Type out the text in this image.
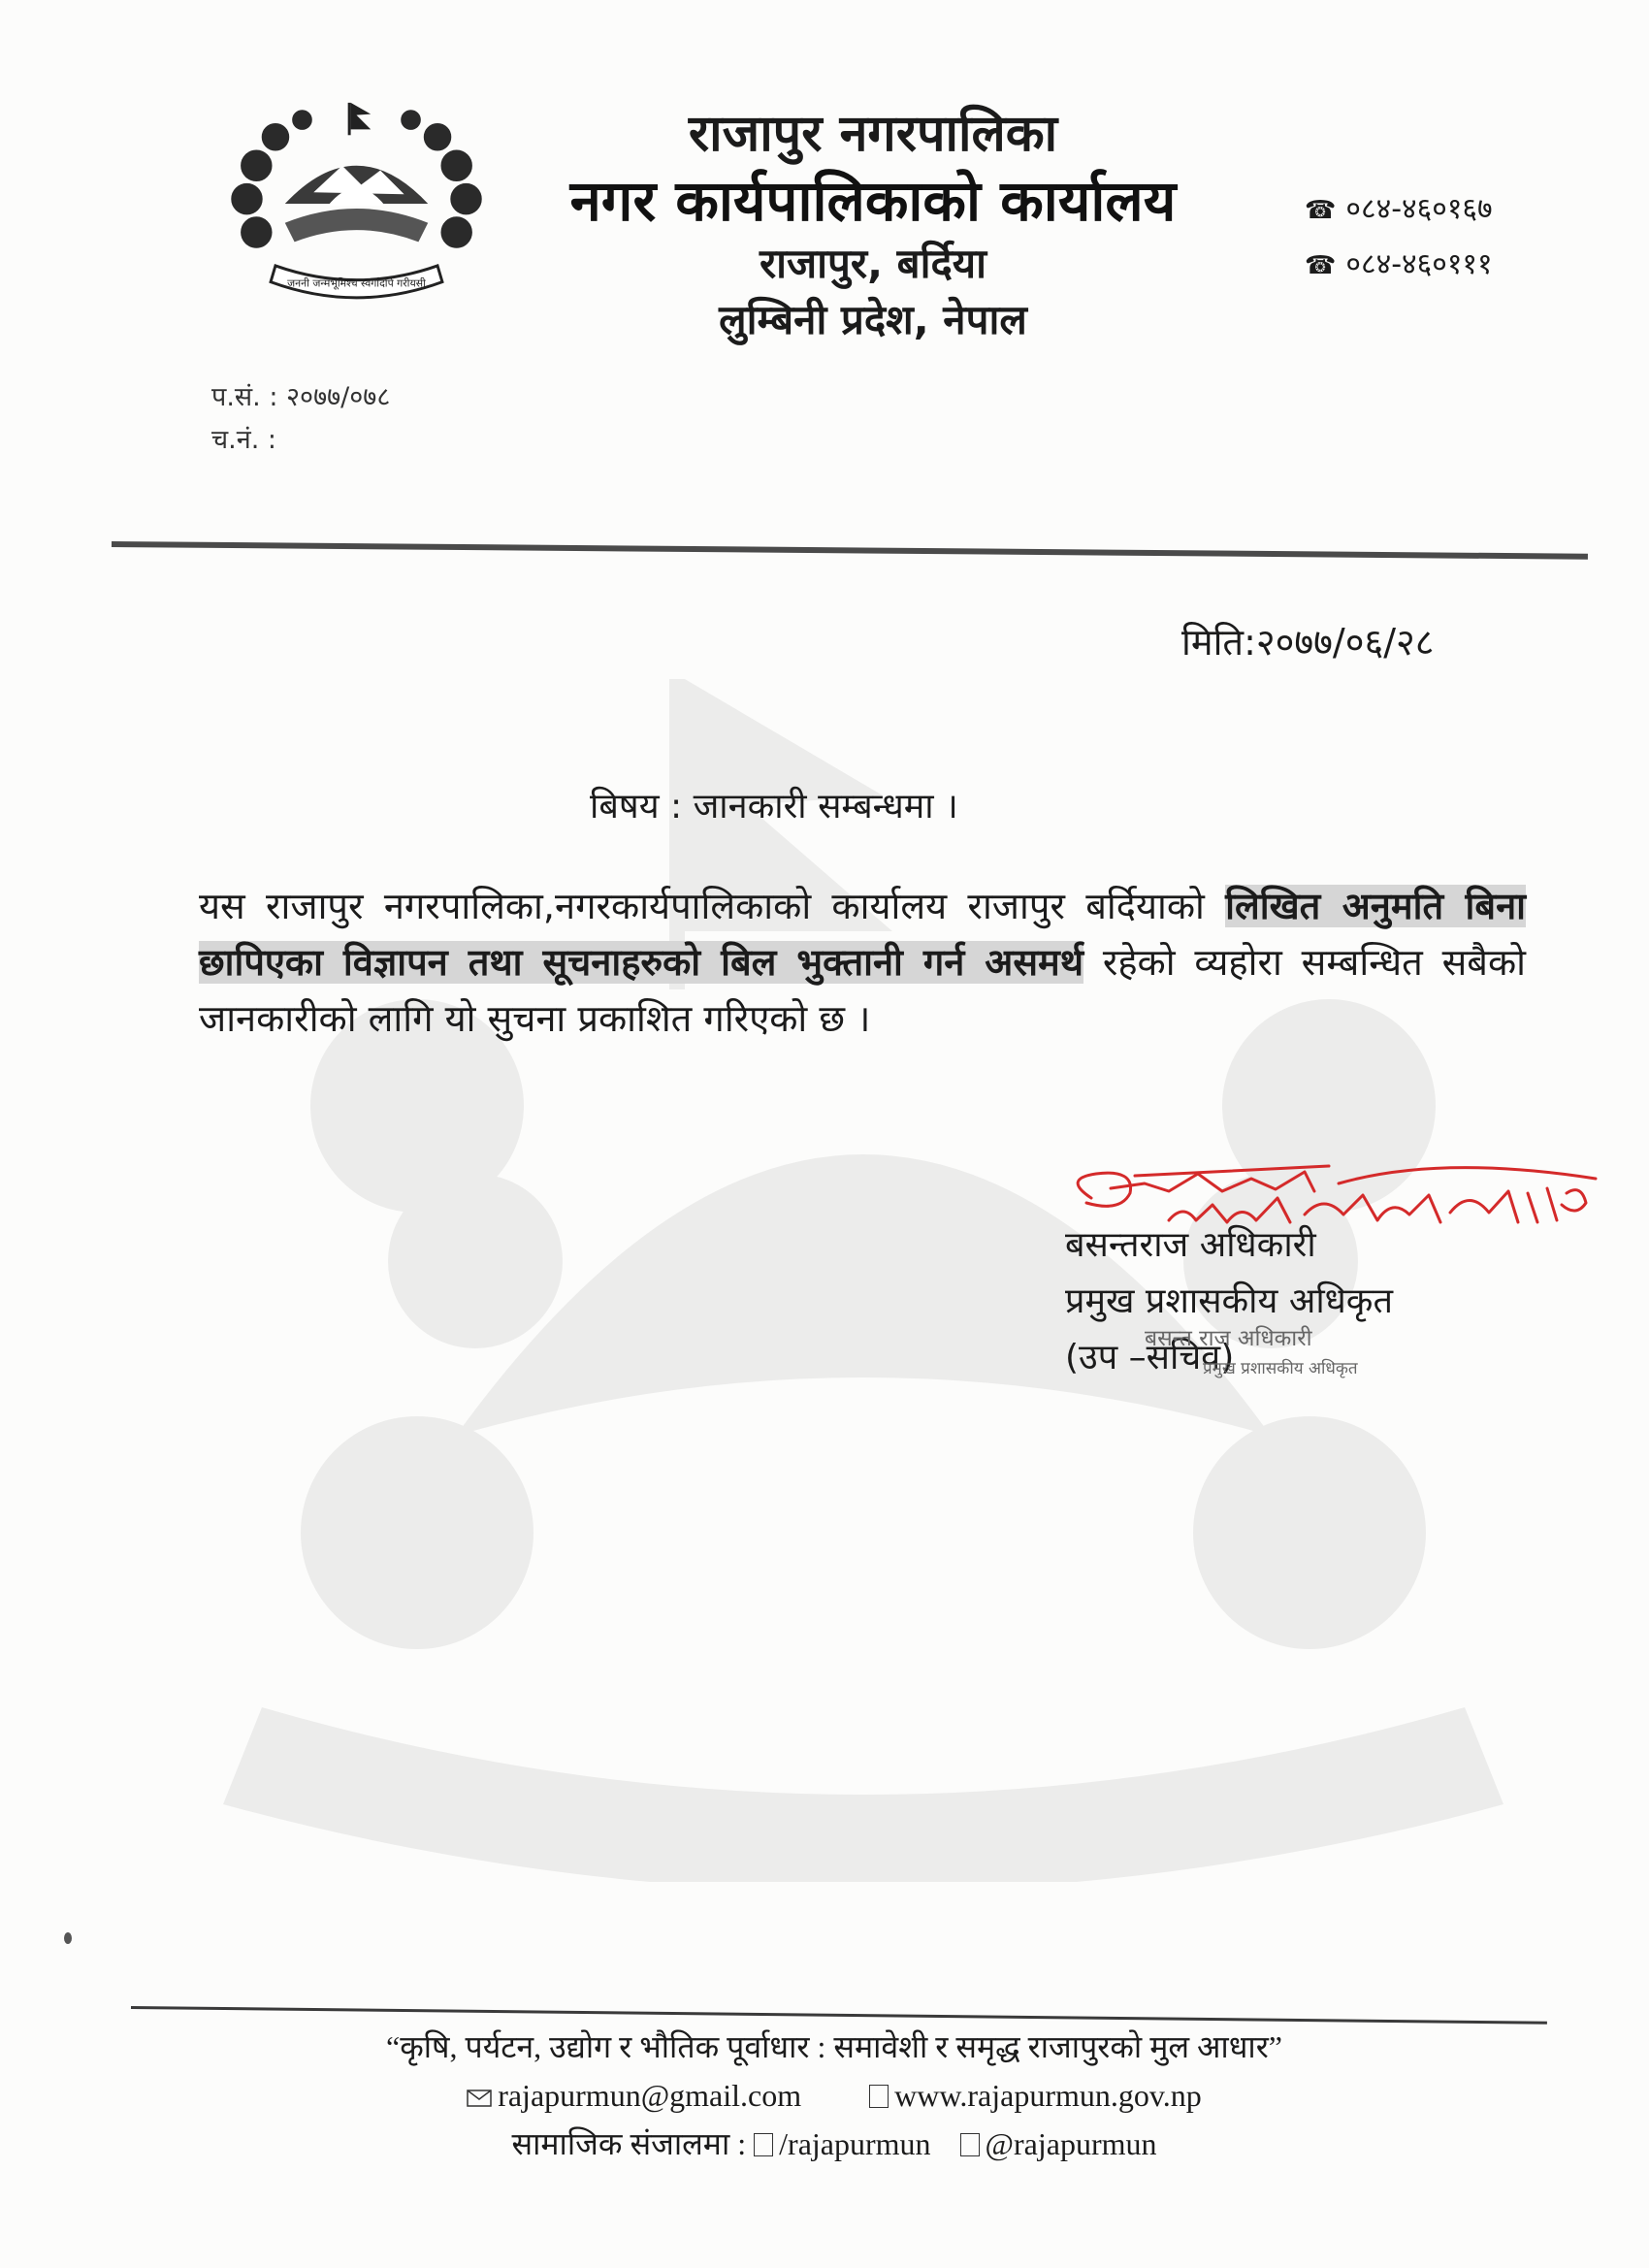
जननी जन्मभूमिश्च स्वर्गादपि गरीयसी
राजापुर नगरपालिका
नगर कार्यपालिकाको कार्यालय
राजापुर, बर्दिया
लुम्बिनी प्रदेश, नेपाल
☎ ०८४-४६०१६७
☎ ०८४-४६०१११
प.सं. : २०७७/०७८
च.नं. :
मिति:२०७७/०६/२८
बिषय : जानकारी सम्बन्धमा ।
यस राजापुर नगरपालिका,नगरकार्यपालिकाको कार्यालय राजापुर बर्दियाको लिखित अनुमति बिना छापिएका विज्ञापन तथा सूचनाहरुको बिल भुक्तानी गर्न असमर्थ रहेको व्यहोरा सम्बन्धित सबैको जानकारीको लागि यो सुचना प्रकाशित गरिएको छ ।
बसन्तराज अधिकारी
प्रमुख प्रशासकीय अधिकृत
(उप –सचिव)
बसन्त राज अधिकारी
प्रमुख प्रशासकीय अधिकृत
“कृषि, पर्यटन, उद्योग र भौतिक पूर्वाधार : समावेशी र समृद्ध राजापुरको मुल आधार”
rajapurmun@gmail.com	www.rajapurmun.gov.np
सामाजिक संजालमा : /rajapurmun @rajapurmun
